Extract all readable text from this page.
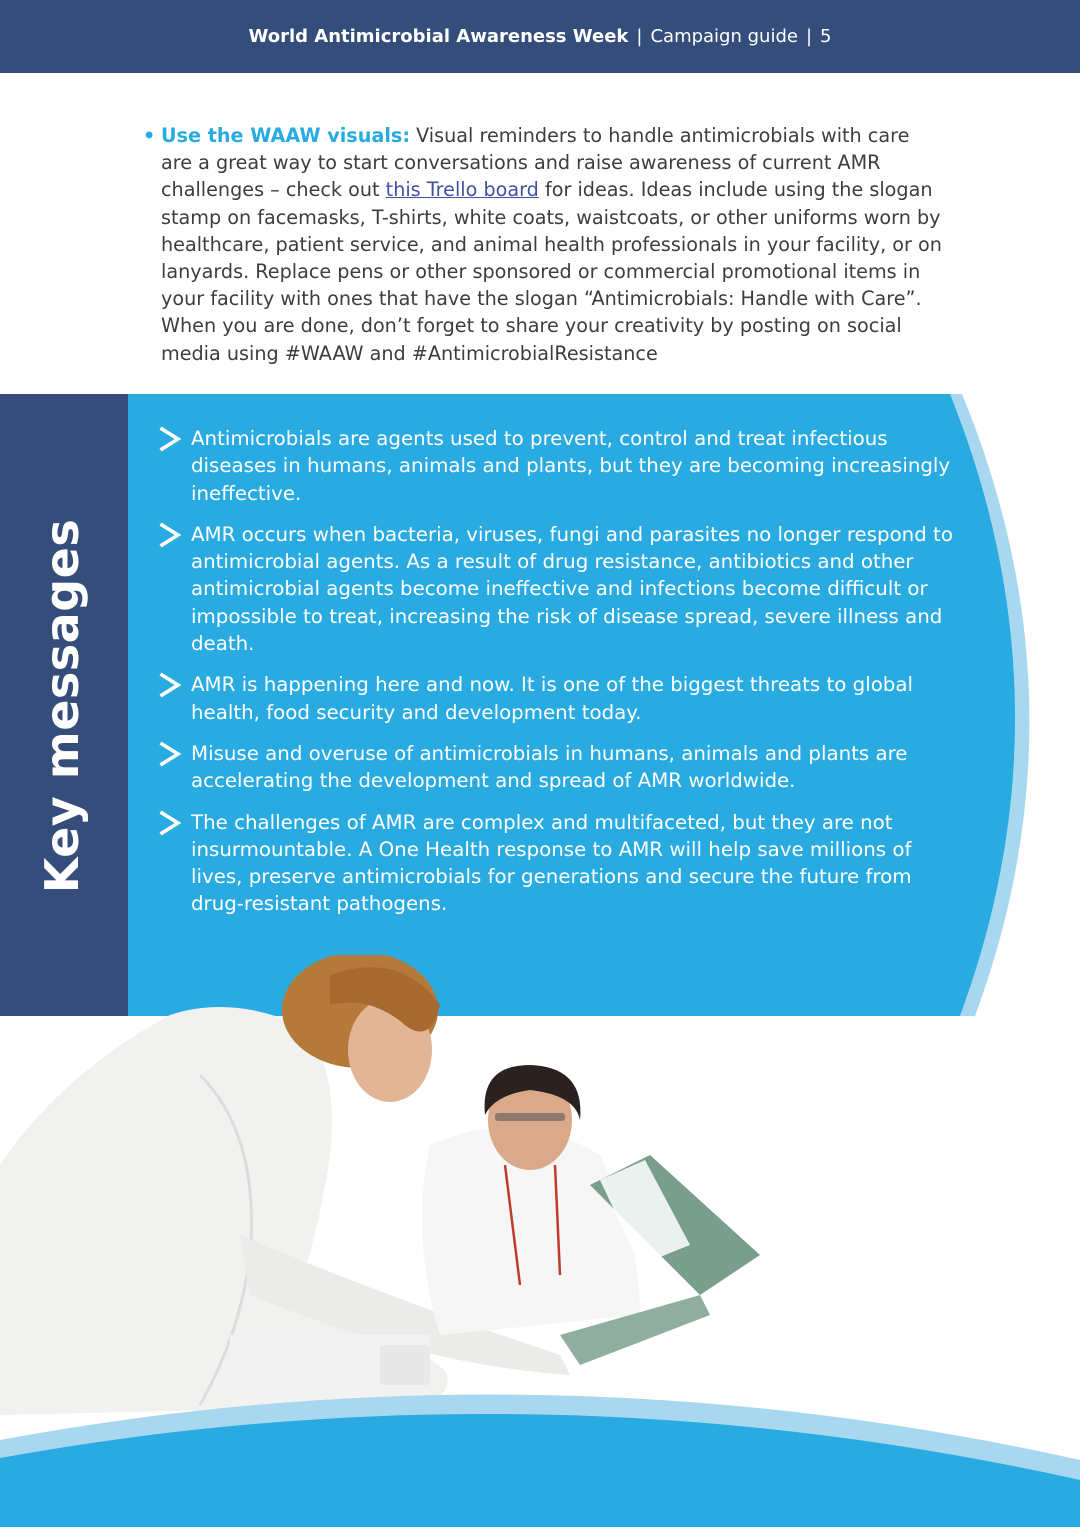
World Antimicrobial Awareness Week | Campaign guide | 5
• Use the WAAW visuals: Visual reminders to handle antimicrobials with care are a great way to start conversations and raise awareness of current AMR challenges – check out this Trello board for ideas. Ideas include using the slogan stamp on facemasks, T-shirts, white coats, waistcoats, or other uniforms worn by healthcare, patient service, and animal health professionals in your facility, or on lanyards. Replace pens or other sponsored or commercial promotional items in your facility with ones that have the slogan “Antimicrobials: Handle with Care”. When you are done, don’t forget to share your creativity by posting on social media using #WAAW and #AntimicrobialResistance

Key messages
Antimicrobials are agents used to prevent, control and treat infectious diseases in humans, animals and plants, but they are becoming increasingly ineffective.
AMR occurs when bacteria, viruses, fungi and parasites no longer respond to antimicrobial agents. As a result of drug resistance, antibiotics and other antimicrobial agents become ineffective and infections become difficult or impossible to treat, increasing the risk of disease spread, severe illness and death.
AMR is happening here and now. It is one of the biggest threats to global health, food security and development today.
Misuse and overuse of antimicrobials in humans, animals and plants are accelerating the development and spread of AMR worldwide.
The challenges of AMR are complex and multifaceted, but they are not insurmountable. A One Health response to AMR will help save millions of lives, preserve antimicrobials for generations and secure the future from drug-resistant pathogens.
